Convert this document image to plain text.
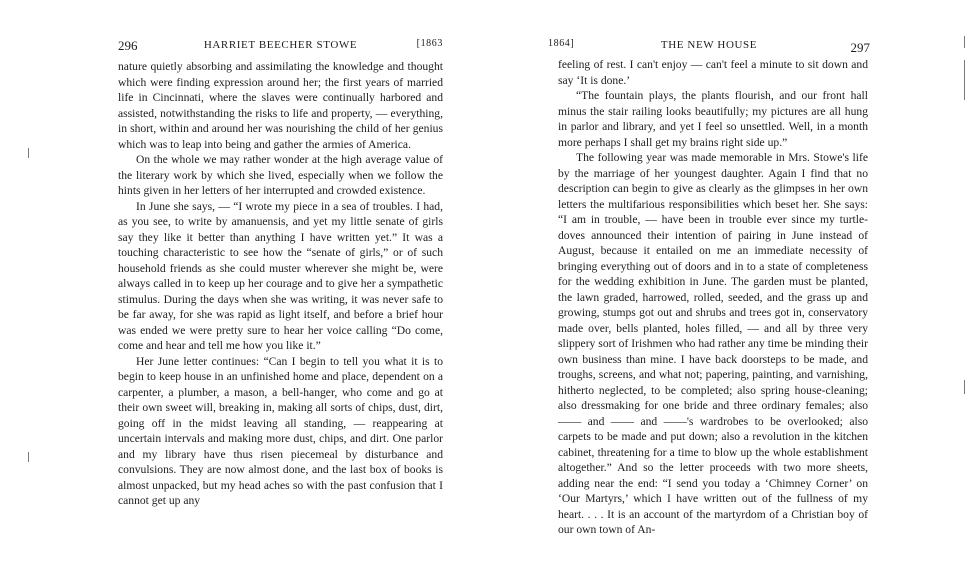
296	HARRIET BEECHER STOWE	[1863

nature quietly absorbing and assimilating the knowledge and thought which were finding expression around her; the first years of married life in Cincinnati, where the slaves were continually harbored and assisted, notwithstanding the risks to life and property, — everything, in short, within and around her was nourishing the child of her genius which was to leap into being and gather the armies of America.

On the whole we may rather wonder at the high average value of the literary work by which she lived, especially when we follow the hints given in her letters of her interrupted and crowded existence.

In June she says, — “I wrote my piece in a sea of troubles. I had, as you see, to write by amanuensis, and yet my little senate of girls say they like it better than anything I have written yet.” It was a touching characteristic to see how the “senate of girls,” or of such household friends as she could muster wherever she might be, were always called in to keep up her courage and to give her a sympathetic stimulus. During the days when she was writing, it was never safe to be far away, for she was rapid as light itself, and before a brief hour was ended we were pretty sure to hear her voice calling “Do come, come and hear and tell me how you like it.”

Her June letter continues: “Can I begin to tell you what it is to begin to keep house in an unfinished home and place, dependent on a carpenter, a plumber, a mason, a bell-hanger, who come and go at their own sweet will, breaking in, making all sorts of chips, dust, dirt, going off in the midst leaving all standing, — reappearing at uncertain intervals and making more dust, chips, and dirt. One parlor and my library have thus risen piecemeal by disturbance and convulsions. They are now almost done, and the last box of books is almost unpacked, but my head aches so with the past confusion that I cannot get up any

1864]	THE NEW HOUSE	297

feeling of rest. I can't enjoy — can't feel a minute to sit down and say ‘It is done.’

“The fountain plays, the plants flourish, and our front hall minus the stair railing looks beautifully; my pictures are all hung in parlor and library, and yet I feel so unsettled. Well, in a month more perhaps I shall get my brains right side up.”

The following year was made memorable in Mrs. Stowe's life by the marriage of her youngest daughter. Again I find that no description can begin to give as clearly as the glimpses in her own letters the multifarious responsibilities which beset her. She says: “I am in trouble, — have been in trouble ever since my turtle-doves announced their intention of pairing in June instead of August, because it entailed on me an immediate necessity of bringing everything out of doors and in to a state of completeness for the wedding exhibition in June. The garden must be planted, the lawn graded, harrowed, rolled, seeded, and the grass up and growing, stumps got out and shrubs and trees got in, conservatory made over, bells planted, holes filled, — and all by three very slippery sort of Irishmen who had rather any time be minding their own business than mine. I have back doorsteps to be made, and troughs, screens, and what not; papering, painting, and varnishing, hitherto neglected, to be completed; also spring house-cleaning; also dressmaking for one bride and three ordinary females; also —— and —— and ——'s wardrobes to be overlooked; also carpets to be made and put down; also a revolution in the kitchen cabinet, threatening for a time to blow up the whole establishment altogether.” And so the letter proceeds with two more sheets, adding near the end: “I send you today a ‘Chimney Corner’ on ‘Our Martyrs,’ which I have written out of the fullness of my heart. . . . It is an account of the martyrdom of a Christian boy of our own town of An-
